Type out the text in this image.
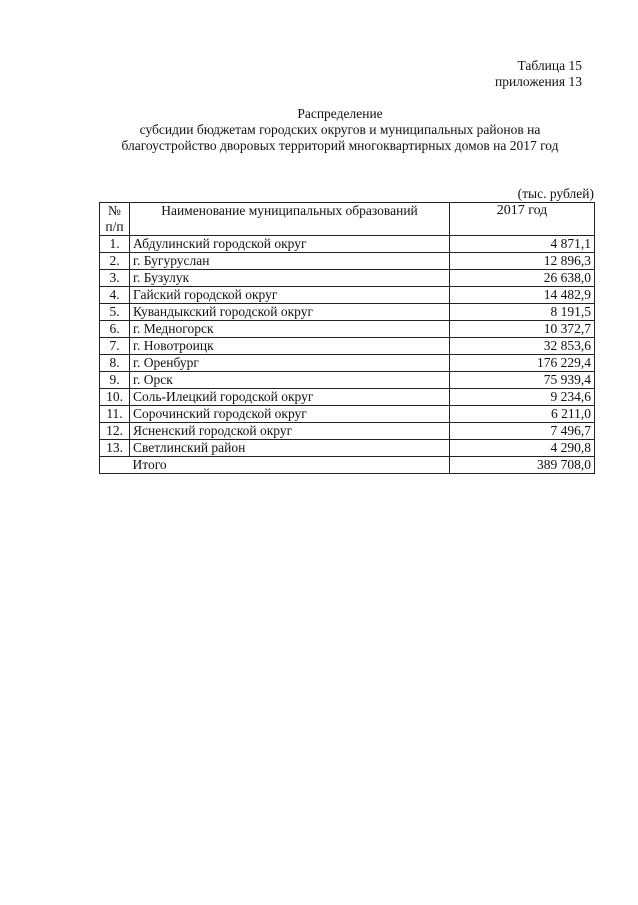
Таблица 15
приложения 13
Распределение
субсидии бюджетам городских округов и муниципальных районов на
благоустройство дворовых территорий многоквартирных домов на 2017 год
(тыс. рублей)
№
п/п	Наименование муниципальных образований	2017 год
1.	Абдулинский городской округ	4 871,1
2.	г. Бугуруслан	12 896,3
3.	г. Бузулук	26 638,0
4.	Гайский городской округ	14 482,9
5.	Кувандыкский городской округ	8 191,5
6.	г. Медногорск	10 372,7
7.	г. Новотроицк	32 853,6
8.	г. Оренбург	176 229,4
9.	г. Орск	75 939,4
10.	Соль-Илецкий городской округ	9 234,6
11.	Сорочинский городской округ	6 211,0
12.	Ясненский городской округ	7 496,7
13.	Светлинский район	4 290,8
	Итого	389 708,0
